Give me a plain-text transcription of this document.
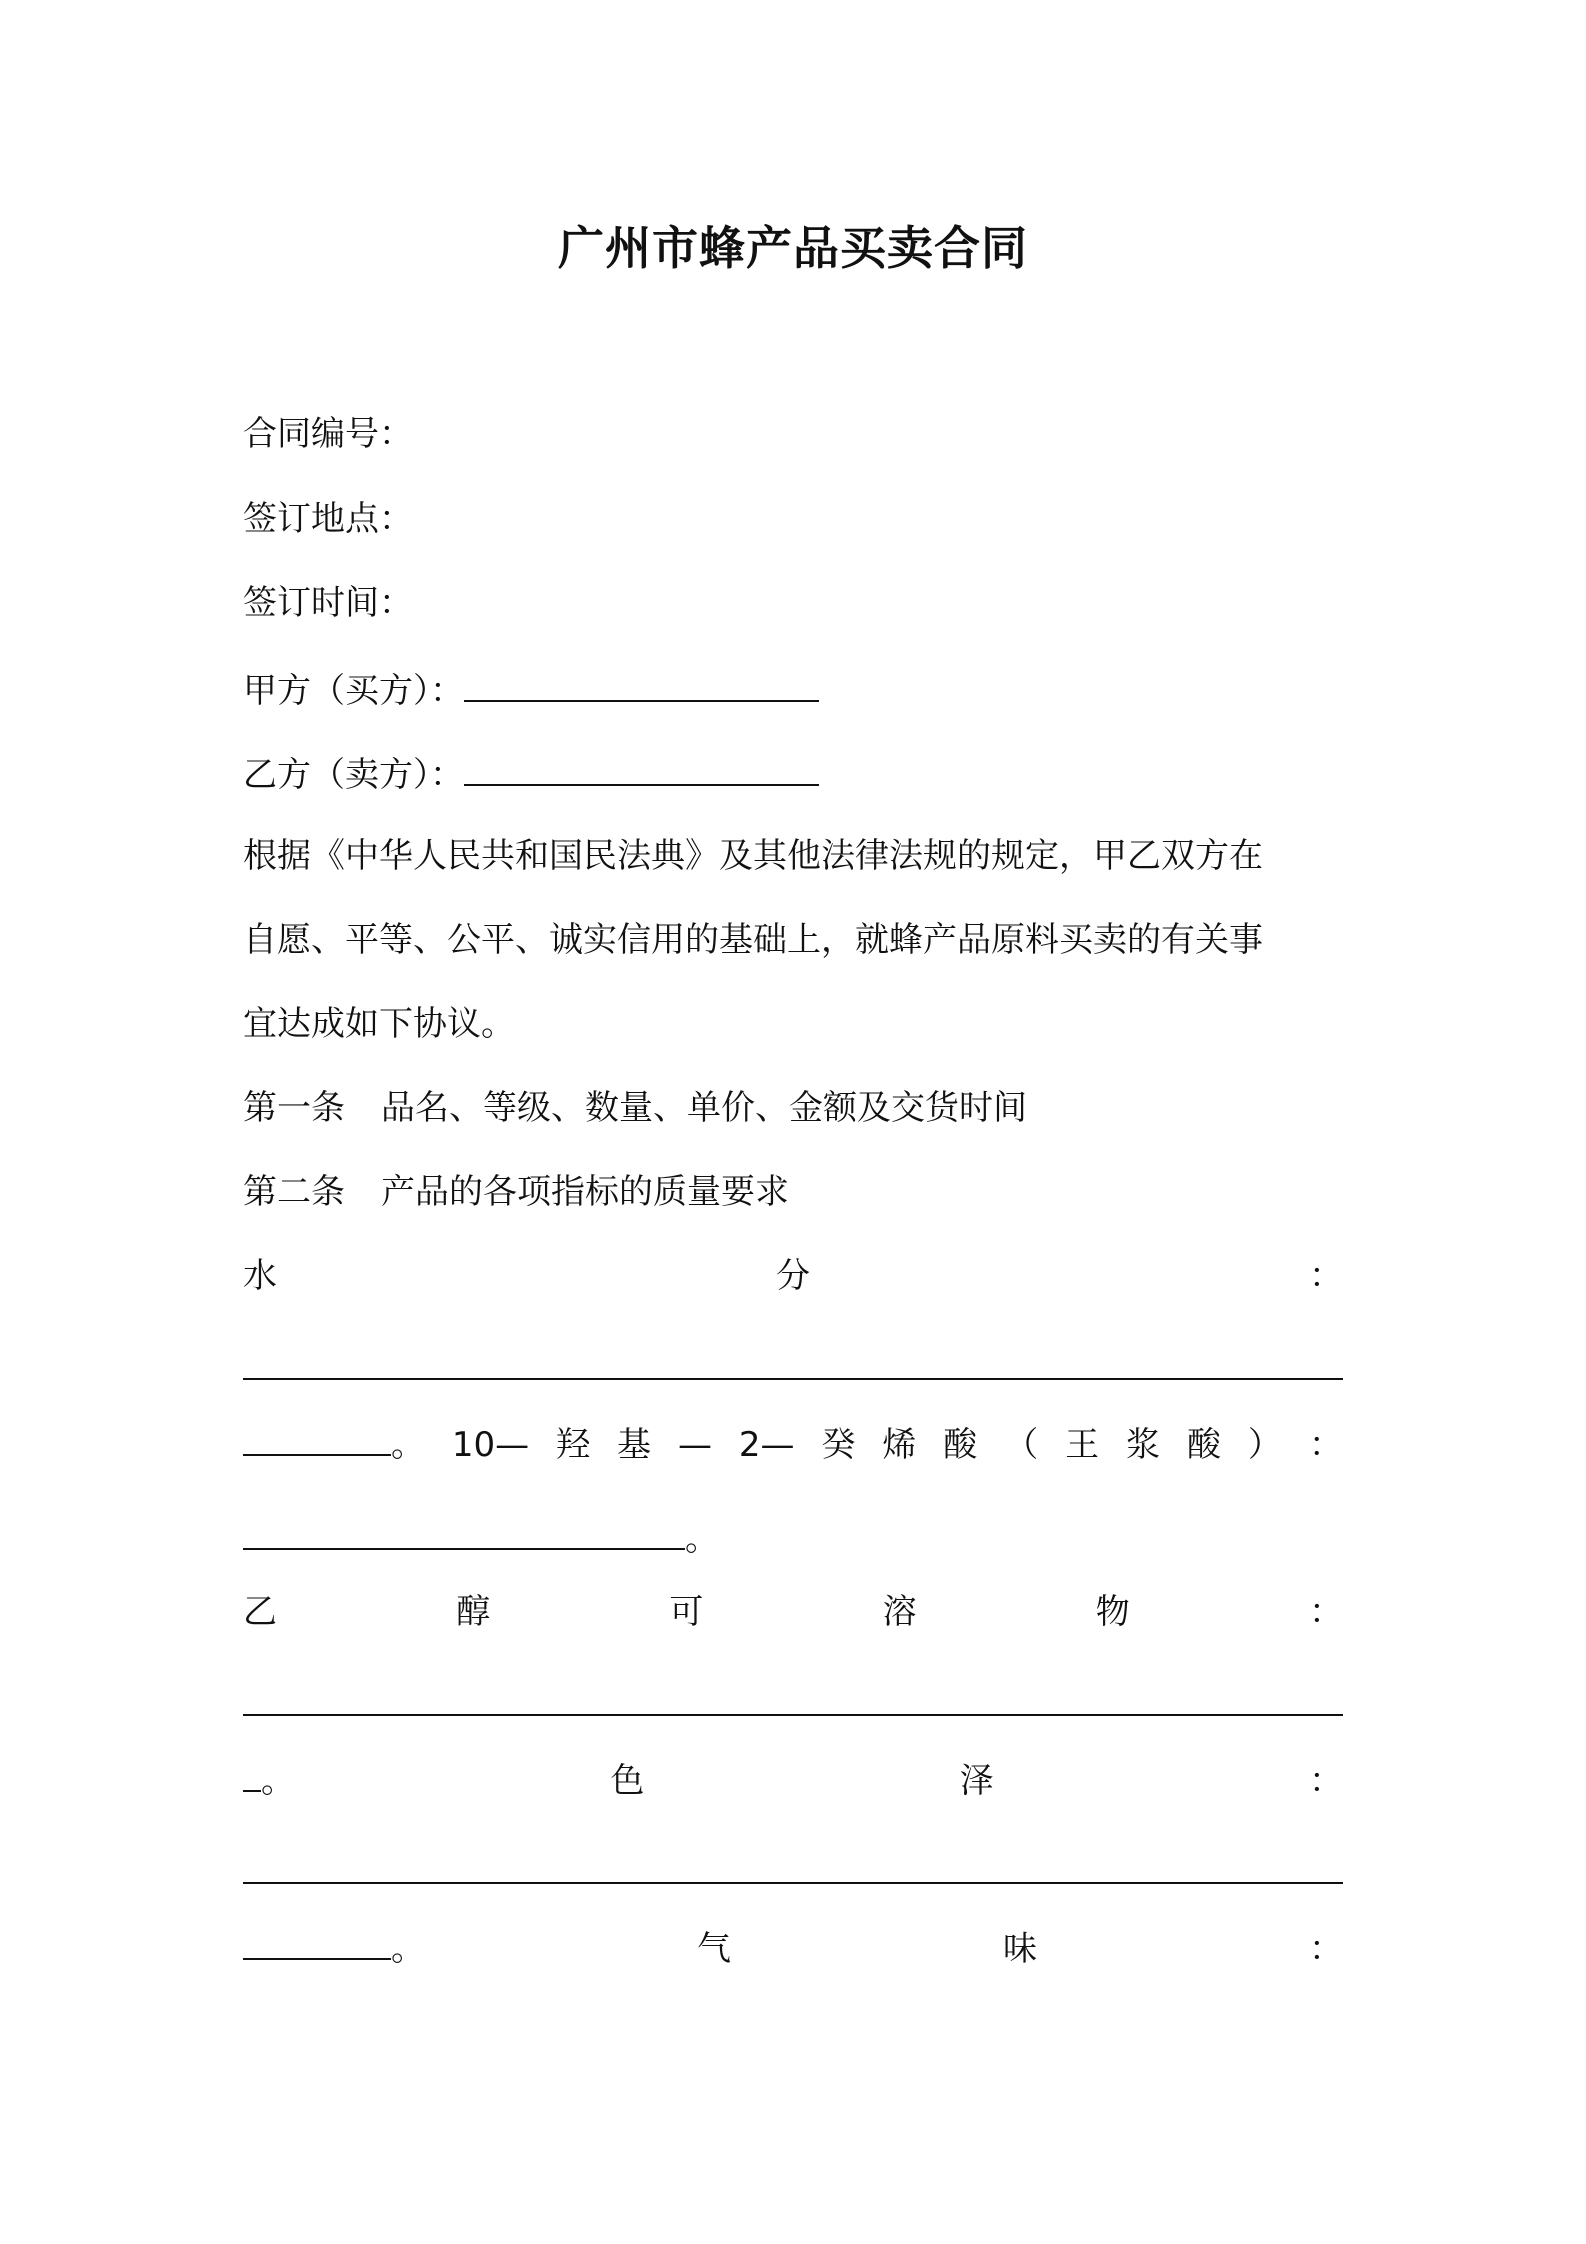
广州市蜂产品买卖合同
合同编号：
签订地点：
签订时间：
甲方（买方）：
乙方（卖方）：
根据《中华人民共和国民法典》及其他法律法规的规定，甲乙双方在
自愿、平等、公平、诚实信用的基础上，就蜂产品原料买卖的有关事
宜达成如下协议。
第一条 品名、等级、数量、单价、金额及交货时间
第二条 产品的各项指标的质量要求
水	分	：
。 10— 羟 基 — 2— 癸 烯 酸 （ 王 浆 酸 ） ：
。
乙	醇	可	溶	物	：
。	色	泽	：
。	气	味	：
